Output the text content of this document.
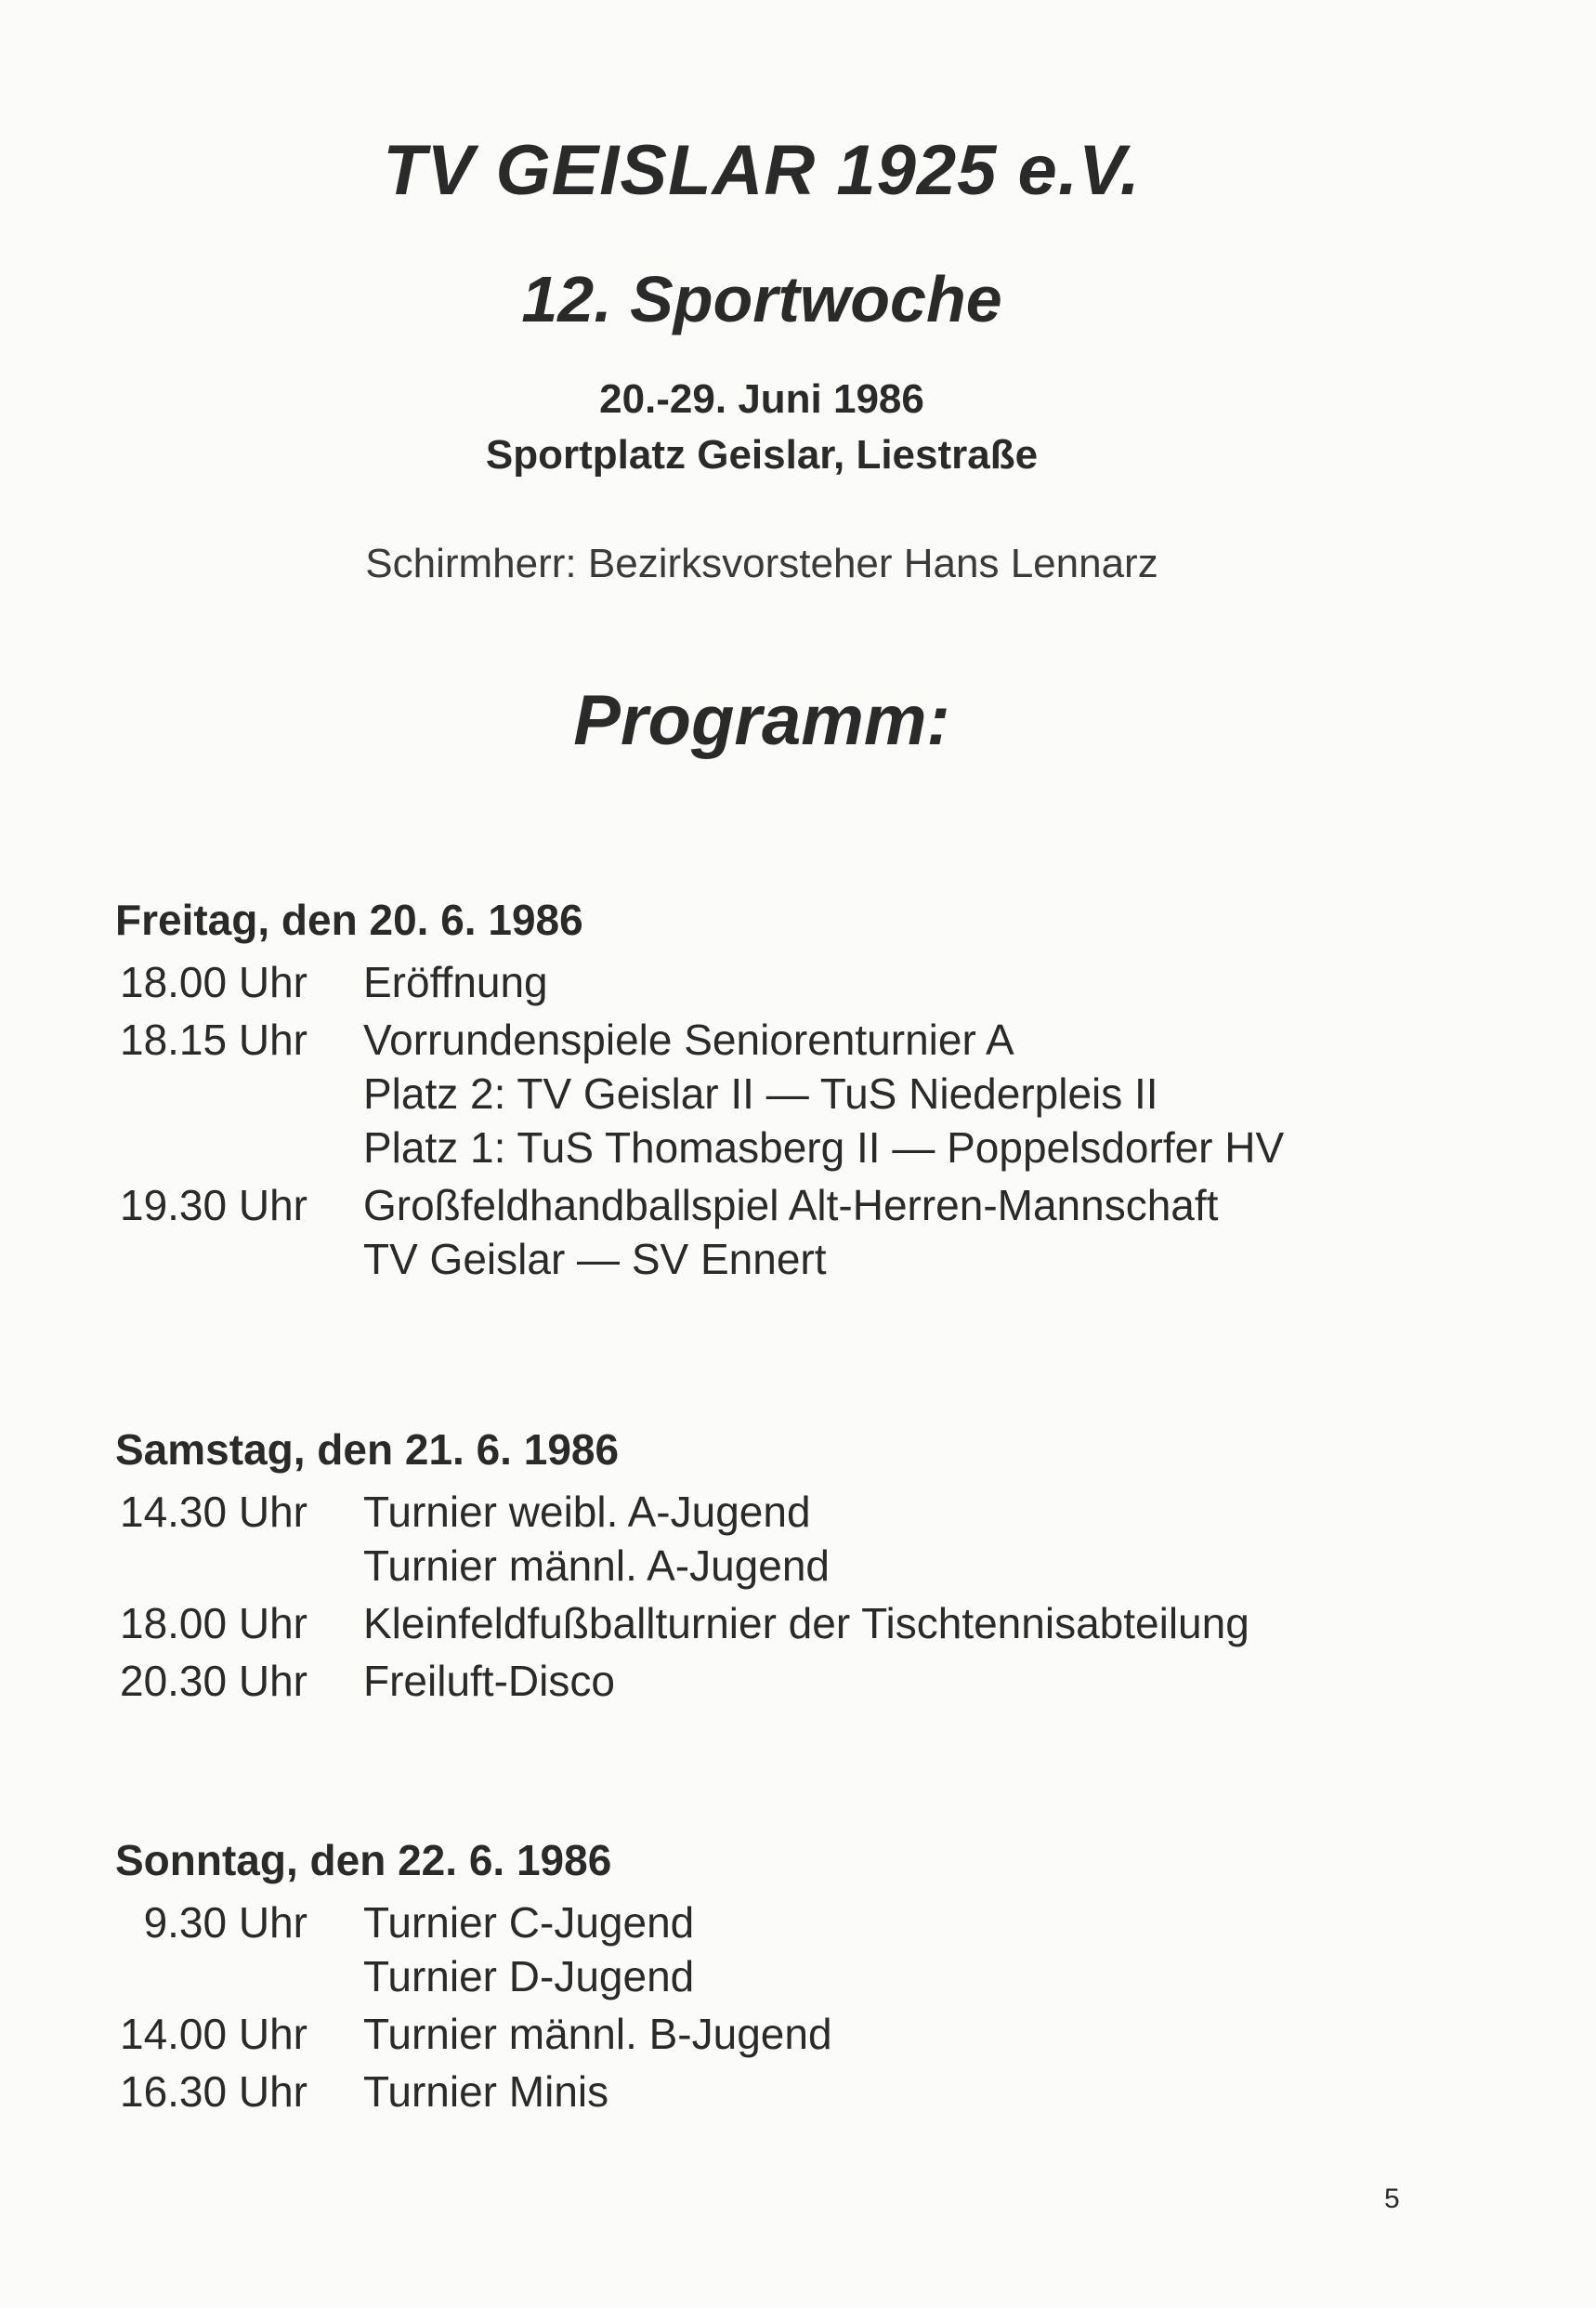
TV GEISLAR 1925 e.V.
12. Sportwoche
20.-29. Juni 1986
Sportplatz Geislar, Liestraße
Schirmherr: Bezirksvorsteher Hans Lennarz
Programm:
Freitag, den 20. 6. 1986
18.00 Uhr Eröffnung
18.15 Uhr Vorrundenspiele Seniorenturnier A
Platz 2: TV Geislar II — TuS Niederpleis II
Platz 1: TuS Thomasberg II — Poppelsdorfer HV
19.30 Uhr Großfeldhandballspiel Alt-Herren-Mannschaft
TV Geislar — SV Ennert
Samstag, den 21. 6. 1986
14.30 Uhr Turnier weibl. A-Jugend
Turnier männl. A-Jugend
18.00 Uhr Kleinfeldfußballturnier der Tischtennisabteilung
20.30 Uhr Freiluft-Disco
Sonntag, den 22. 6. 1986
9.30 Uhr Turnier C-Jugend
Turnier D-Jugend
14.00 Uhr Turnier männl. B-Jugend
16.30 Uhr Turnier Minis
5
